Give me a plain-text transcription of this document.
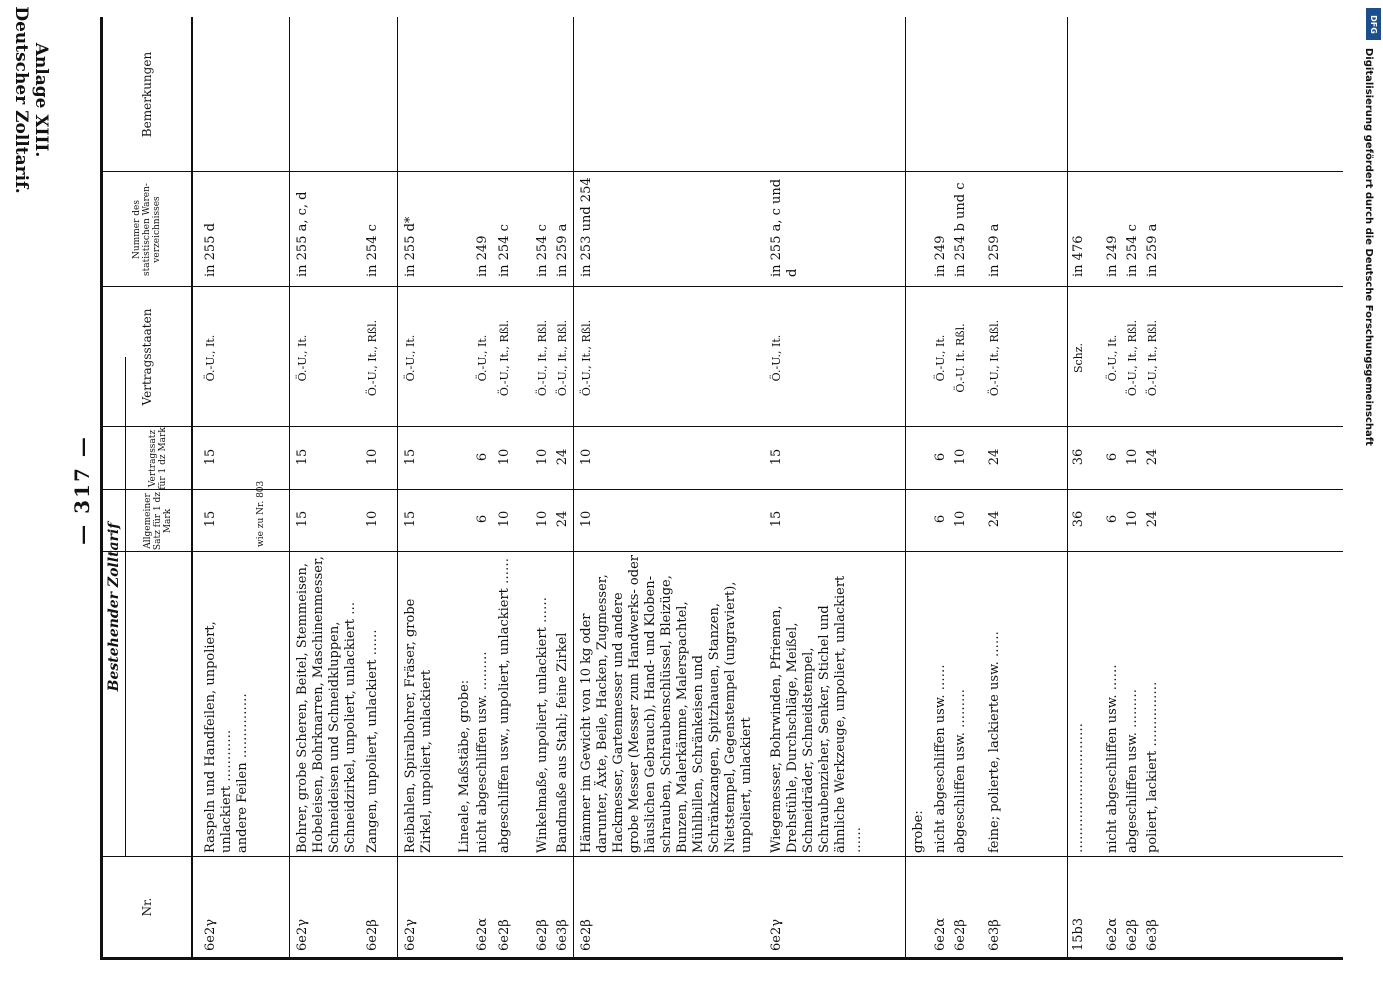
Anlage XIII.
Deutscher Zolltarif.	DFG
Digitalisierung gefördert durch die Deutsche Forschungsgemeinschaft
— 317 —
Bestehender Zolltarif
Nr.
Allgemeiner Satz für 1 dz Mark
Vertragssatz für 1 dz Mark
Vertragsstaaten
Nummer des statistischen Waren-verzeichnisses
Bemerkungen
6e2γ
Raspeln und Handfeilen, unpoliert, unlackiert …………
15
15
Ö.-U., It.
in 255 d
andere Feilen ……………
wie zu Nr. 803
6e2γ
Bohrer, grobe Scheren, Beitel, Stemmeisen, Hobeleisen, Bohrknarren, Maschinenmesser, Schneideisen und Schneidkluppen, Schneidzirkel, unpoliert, unlackiert …
15
15
Ö.-U., It.
in 255 a, c, d
6e2β
Zangen, unpoliert, unlackiert ……
10
10
Ö.-U., It., Rßl.
in 254 c
6e2γ
Reibahlen, Spiralbohrer, Fräser, grobe Zirkel, unpoliert, unlackiert
15
15
Ö.-U., It.
in 255 d*
Lineale, Maßstäbe, grobe:
6e2α
nicht abgeschliffen usw. ………
6
6
Ö.-U., It.
in 249
6e2β
abgeschliffen usw., unpoliert, unlackiert ……
10
10
Ö.-U., It., Rßl.
in 254 c
6e2β
Winkelmaße, unpoliert, unlackiert ……
10
10
Ö.-U., It., Rßl.
in 254 c
6e3β
Bandmaße aus Stahl; feine Zirkel
24
24
Ö.-U., It., Rßl.
in 259 a
6e2β
Hämmer im Gewicht von 10 kg oder darunter, Äxte, Beile, Hacken, Zugmesser, Hackmesser, Gartenmesser und andere grobe Messer (Messer zum Handwerks- oder häuslichen Gebrauch), Hand- und Kloben-schrauben, Schraubenschlüssel, Bleizüge, Bunzen, Malerkämme, Malerspachtel, Mühlbillen, Schränkeisen und Schränkzangen, Spitzhauen, Stanzen, Nietstempel, Gegenstempel (ungraviert), unpoliert, unlackiert
10
10
Ö.-U., It., Rßl.
in 253 und 254
6e2γ
Wiegemesser, Bohrwinden, Pfriemen, Drehstühle, Durchschläge, Meißel, Schneidräder, Schneidstempel, Schraubenzieher, Senker, Stichel und ähnliche Werkzeuge, unpoliert, unlackiert ……
15
15
Ö.-U., It.
in 255 a, c und d
grobe:
6e2α
nicht abgeschliffen usw. ……
6
6
Ö.-U., It.
in 249
6e2β
abgeschliffen usw. ………
10
10
Ö.-U. It. Rßl.
in 254 b und c
6e3β
feine; polierte, lackierte usw. ……
24
24
Ö.-U., It., Rßl.
in 259 a
15b3
…………………………
36
36
Schz.
in 476
6e2α
nicht abgeschliffen usw. ……
6
6
Ö.-U., It.
in 249
6e2β
abgeschliffen usw. ………
10
10
Ö.-U., It., Rßl.
in 254 c
6e3β
poliert, lackiert ……………
24
24
Ö.-U., It., Rßl.
in 259 a
